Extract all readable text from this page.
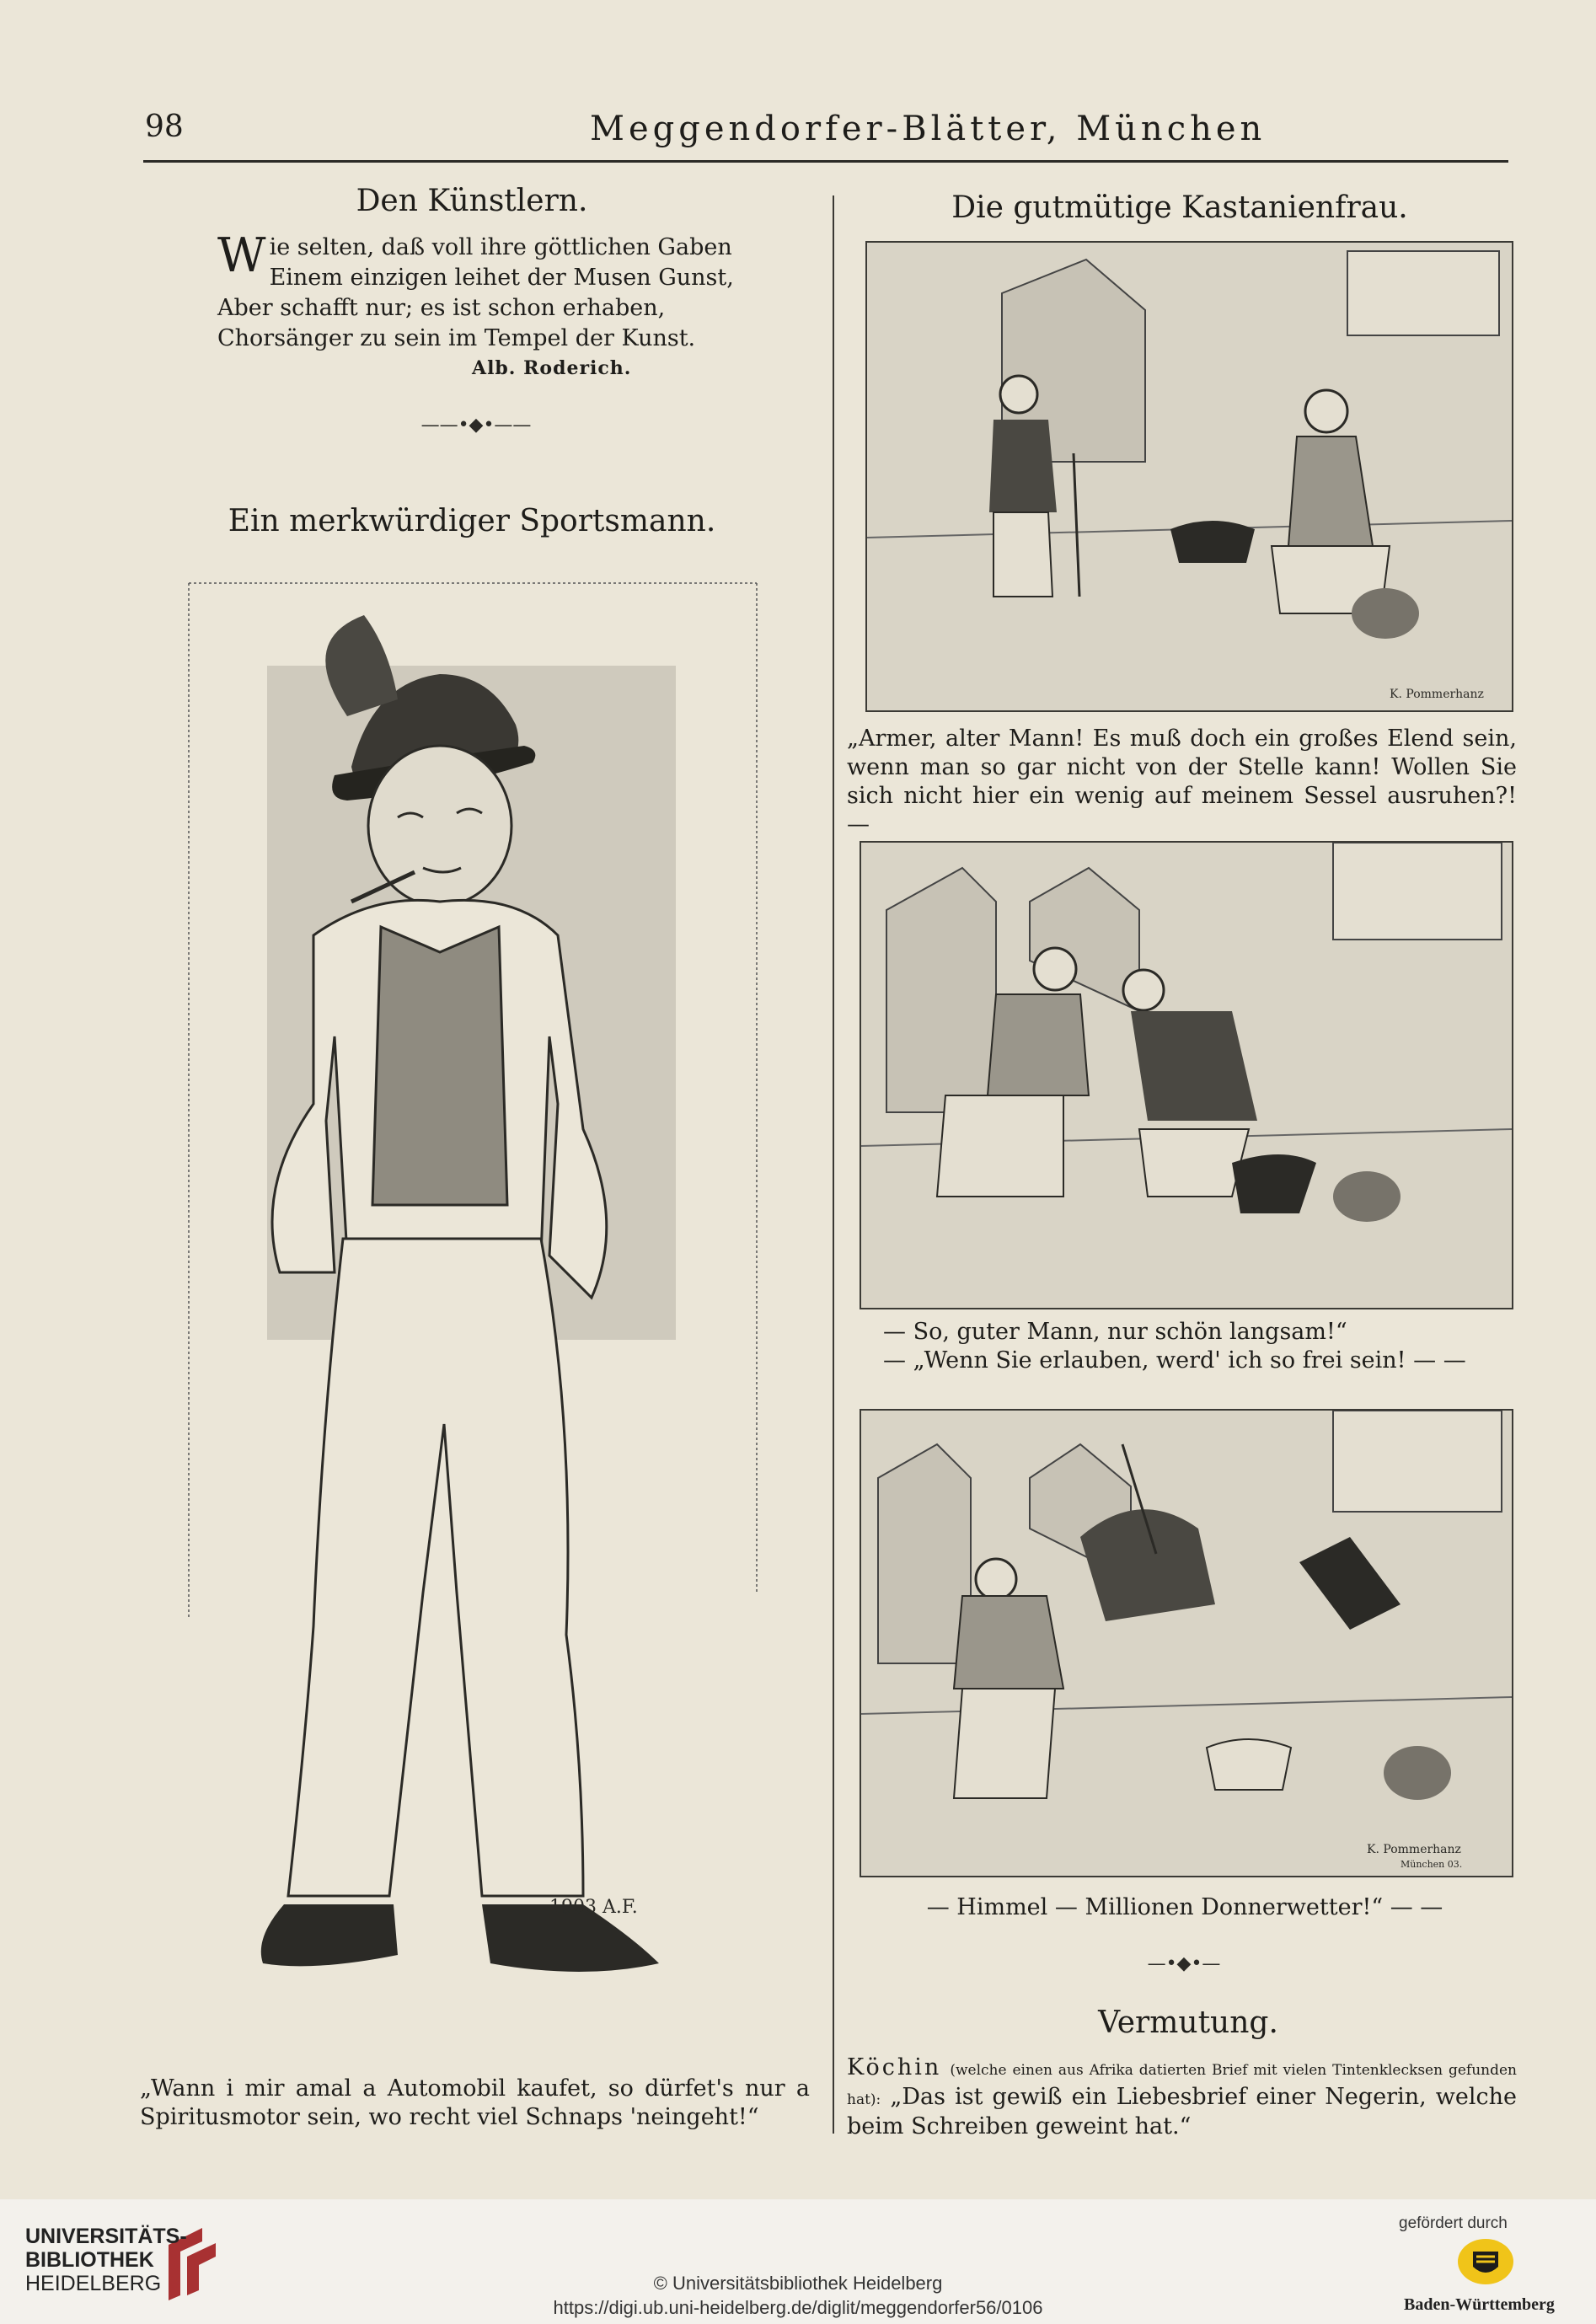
98	Meggendorfer-Blätter, München
Den Künstlern.
W ie selten, daß voll ihre göttlichen Gaben
Einem einzigen leihet der Musen Gunst,
Aber schafft nur; es ist schon erhaben,
Chorsänger zu sein im Tempel der Kunst.
Alb. Roderich.
——•◆•——
Ein merkwürdiger Sportsmann.
1903 A.F.
„Wann i mir amal a Automobil kaufet, so dürfet's nur a Spiritusmotor sein, wo recht viel Schnaps 'neingeht!“
Die gutmütige Kastanienfrau.
K. Pommerhanz
„Armer, alter Mann! Es muß doch ein großes Elend sein, wenn man so gar nicht von der Stelle kann! Wollen Sie sich nicht hier ein wenig auf meinem Sessel ausruhen?! —
— So, guter Mann, nur schön langsam!“
— „Wenn Sie erlauben, werd' ich so frei sein! — —
K. Pommerhanz
München 03.
— Himmel — Millionen Donnerwetter!“ — —
—•◆•—
Vermutung.
Köchin (welche einen aus Afrika datierten Brief mit vielen Tintenklecksen gefunden hat): „Das ist gewiß ein Liebesbrief einer Negerin, welche beim Schreiben geweint hat.“
UNIVERSITÄTS-
BIBLIOTHEK
HEIDELBERG	© Universitätsbibliothek Heidelberg
https://digi.ub.uni-heidelberg.de/diglit/meggendorfer56/0106
gefördert durch
Baden-Württemberg
